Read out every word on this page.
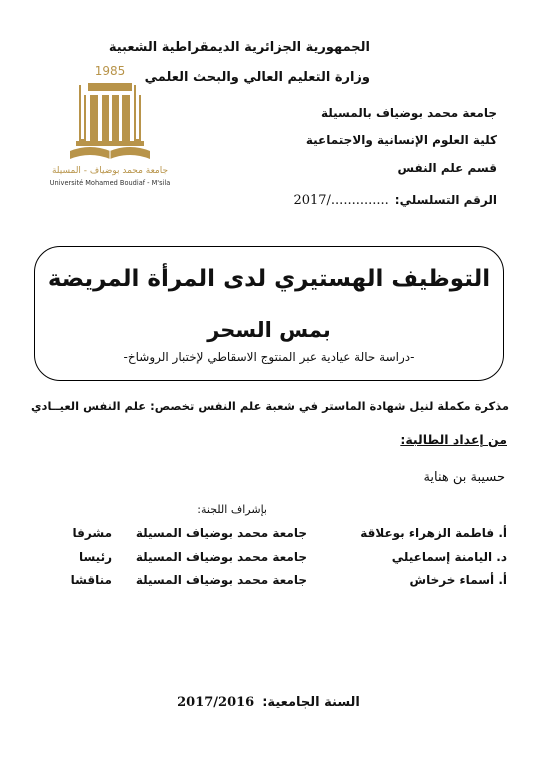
الجمهورية الجزائرية الديمقراطية الشعبية
وزارة التعليم العالي والبحث العلمي
1985
جامعة محمد بوضياف - المسيلة
Université Mohamed Boudiaf - M'sila
جامعة محمد بوضياف بالمسيلة
كلية العلوم الإنسانية والاجتماعية
قسم علم النفس
الرقم التسلسلي:
2017/..............
التوظيف الهستيري لدى المرأة المريضة
بمس السحر
-دراسة حالة عيادية عبر المنتوج الاسقاطي لإختبار الروشاخ-
مذكرة مكملة لنيل شهادة الماستر في شعبة علم النفس تخصص: علم النفس العيــادي
من إعداد الطالبة:
حسيبة بن هناية
بإشراف اللجنة:
أ. فاطمة الزهراء بوعلاقة
جامعة محمد بوضياف المسيلة
مشرفا
د. اليامنة إسماعيلي
جامعة محمد بوضياف المسيلة
رئيسا
أ. أسماء خرخاش
جامعة محمد بوضياف المسيلة
مناقشا
السنة الجامعية:
2017/2016
